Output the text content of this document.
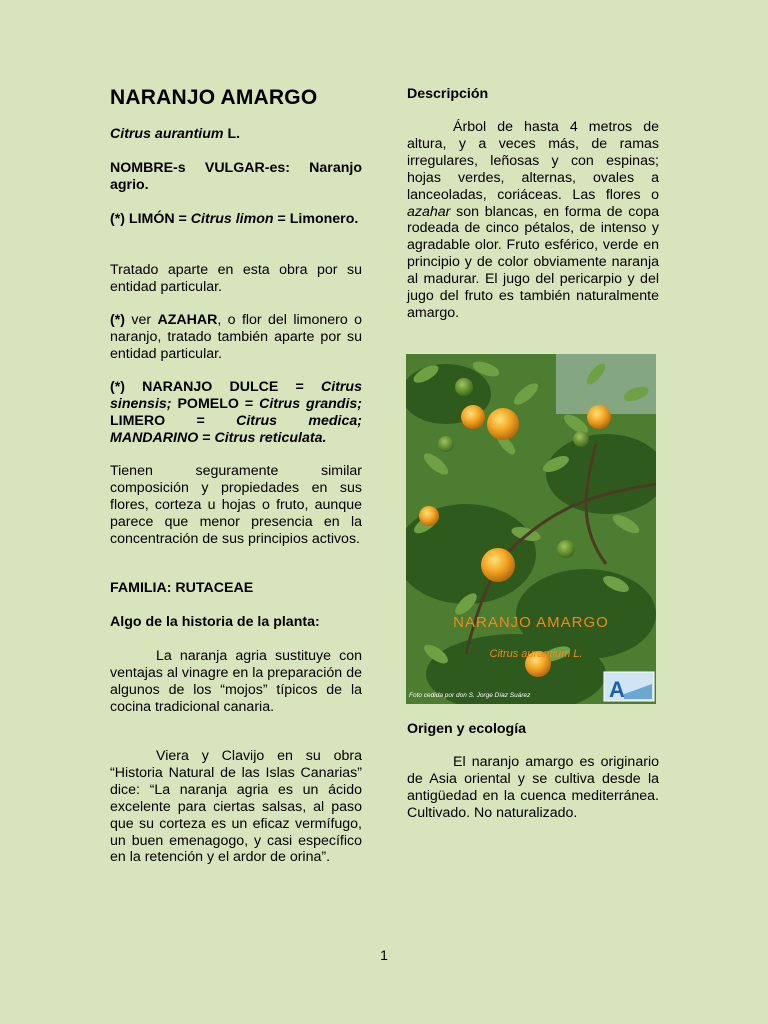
NARANJO AMARGO

Citrus aurantium L.

NOMBRE-s VULGAR-es: Naranjo agrio.

(*) LIMÓN = Citrus limon = Limonero.

Tratado aparte en esta obra por su entidad particular.

(*) ver AZAHAR, o flor del limonero o naranjo, tratado también aparte por su entidad particular.

(*) NARANJO DULCE = Citrus sinensis; POMELO = Citrus grandis; LIMERO = Citrus medica; MANDARINO = Citrus reticulata.

Tienen seguramente similar composición y propiedades en sus flores, corteza u hojas o fruto, aunque parece que menor presencia en la concentración de sus principios activos.

FAMILIA: RUTACEAE

Algo de la historia de la planta:

La naranja agria sustituye con ventajas al vinagre en la preparación de algunos de los “mojos” típicos de la cocina tradicional canaria.

Viera y Clavijo en su obra “Historia Natural de las Islas Canarias” dice: “La naranja agria es un ácido excelente para ciertas salsas, al paso que su corteza es un eficaz vermífugo, un buen emenagogo, y casi específico en la retención y el ardor de orina”.

Descripción

Árbol de hasta 4 metros de altura, y a veces más, de ramas irregulares, leñosas y con espinas; hojas verdes, alternas, ovales a lanceoladas, coriáceas. Las flores o azahar son blancas, en forma de copa rodeada de cinco pétalos, de intenso y agradable olor. Fruto esférico, verde en principio y de color obviamente naranja al madurar. El jugo del pericarpio y del jugo del fruto es también naturalmente amargo.

Origen y ecología

El naranjo amargo es originario de Asia oriental y se cultiva desde la antigüedad en la cuenca mediterránea. Cultivado. No naturalizado.

NARANJO AMARGO
Citrus aurantium L.
Foto cedida por don S. Jorge Díaz Suárez	A
1
